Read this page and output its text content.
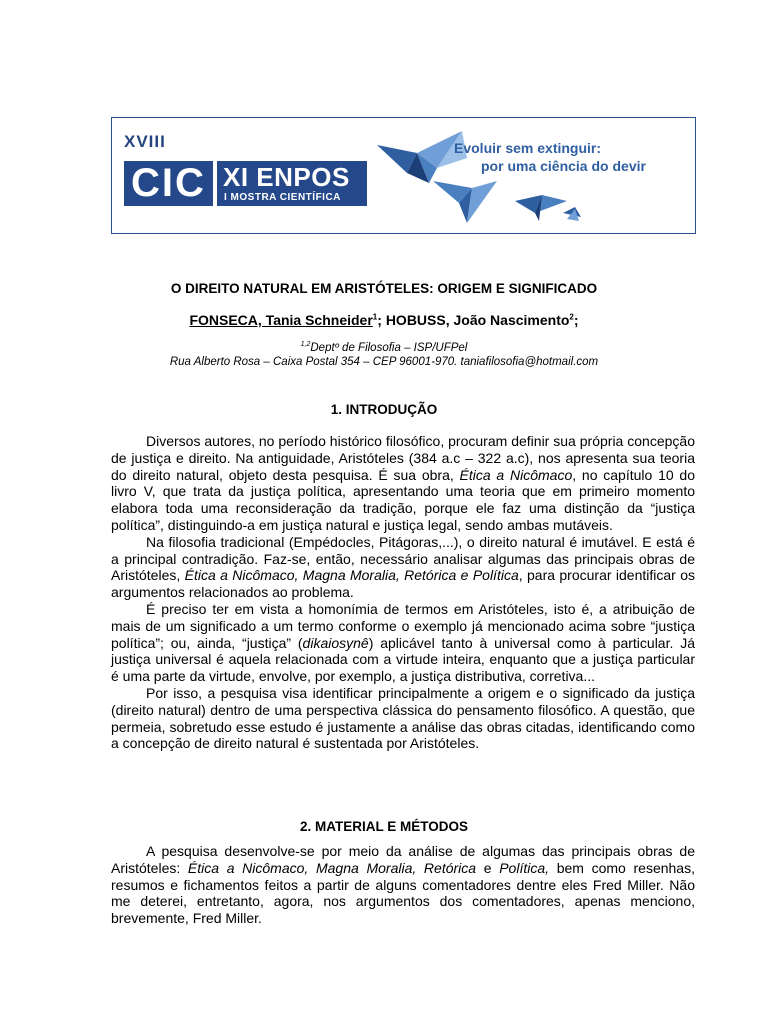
XVIII
CIC XI ENPOS
I MOSTRA CIENTÍFICA
Evoluir sem extinguir:
por uma ciência do devir
O DIREITO NATURAL EM ARISTÓTELES: ORIGEM E SIGNIFICADO
FONSECA, Tania Schneider$^1$; HOBUSS, João Nascimento$^2$;
$^{1,2}$Deptº de Filosofia – ISP/UFPel
Rua Alberto Rosa – Caixa Postal 354 – CEP 96001-970. taniafilosofia@hotmail.com
1. INTRODUÇÃO

Diversos autores, no período histórico filosófico, procuram definir sua própria concepção de justiça e direito. Na antiguidade, Aristóteles (384 a.c – 322 a.c), nos apresenta sua teoria do direito natural, objeto desta pesquisa. É sua obra, Ética a Nicômaco, no capítulo 10 do livro V, que trata da justiça política, apresentando uma teoria que em primeiro momento elabora toda uma reconsideração da tradição, porque ele faz uma distinção da “justiça política”, distinguindo-a em justiça natural e justiça legal, sendo ambas mutáveis.

Na filosofia tradicional (Empédocles, Pitágoras,...), o direito natural é imutável. E está é a principal contradição. Faz-se, então, necessário analisar algumas das principais obras de Aristóteles, Ética a Nicômaco, Magna Moralia, Retórica e Política, para procurar identificar os argumentos relacionados ao problema.

É preciso ter em vista a homonímia de termos em Aristóteles, isto é, a atribuição de mais de um significado a um termo conforme o exemplo já mencionado acima sobre “justiça política”; ou, ainda, “justiça” (dikaiosynê) aplicável tanto à universal como à particular. Já justiça universal é aquela relacionada com a virtude inteira, enquanto que a justiça particular é uma parte da virtude, envolve, por exemplo, a justiça distributiva, corretiva...

Por isso, a pesquisa visa identificar principalmente a origem e o significado da justiça (direito natural) dentro de uma perspectiva clássica do pensamento filosófico. A questão, que permeia, sobretudo esse estudo é justamente a análise das obras citadas, identificando como a concepção de direito natural é sustentada por Aristóteles.

2. MATERIAL E MÉTODOS

A pesquisa desenvolve-se por meio da análise de algumas das principais obras de Aristóteles: Ética a Nicômaco, Magna Moralia, Retórica e Política, bem como resenhas, resumos e fichamentos feitos a partir de alguns comentadores dentre eles Fred Miller. Não me deterei, entretanto, agora, nos argumentos dos comentadores, apenas menciono, brevemente, Fred Miller.
